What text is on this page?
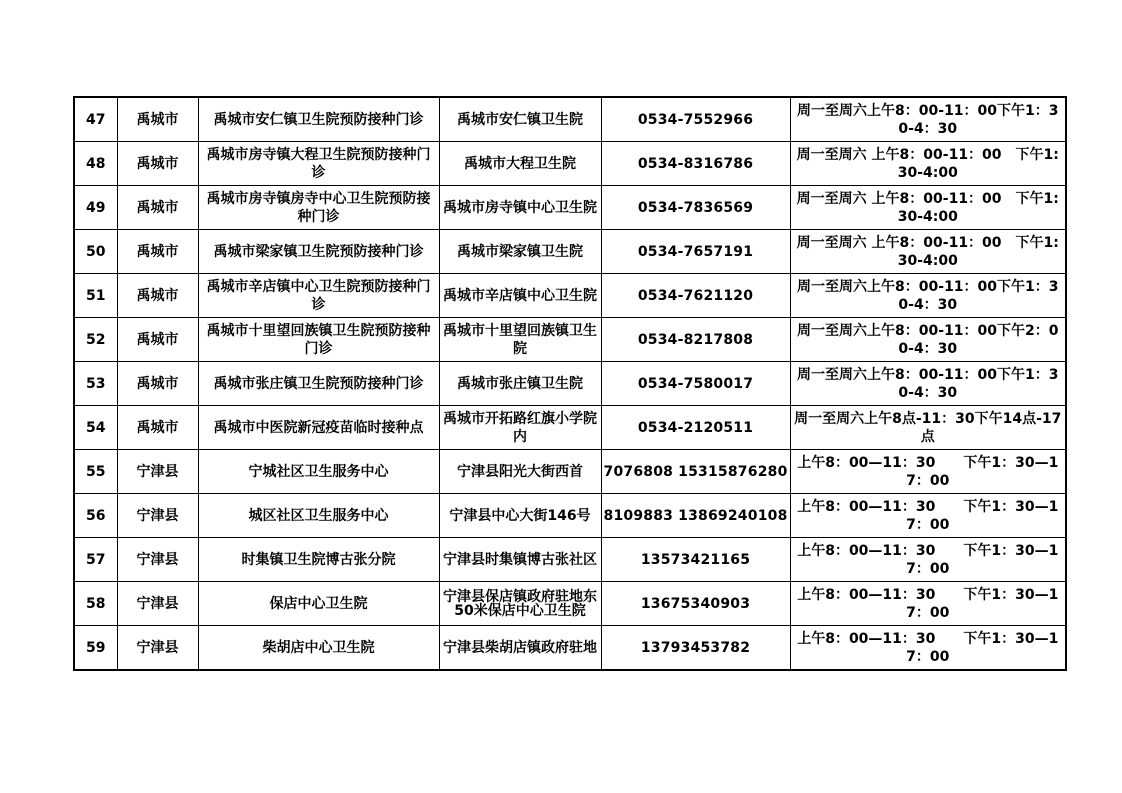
47	禹城市	禹城市安仁镇卫生院预防接种门诊	禹城市安仁镇卫生院	0534-7552966	周一至周六上午8：00-11：00下午1：30-4：30
48	禹城市	禹城市房寺镇大程卫生院预防接种门诊	禹城市大程卫生院	0534-8316786	周一至周六 上午8：00-11：00　下午1:30-4:00
49	禹城市	禹城市房寺镇房寺中心卫生院预防接种门诊	禹城市房寺镇中心卫生院	0534-7836569	周一至周六 上午8：00-11：00　下午1:30-4:00
50	禹城市	禹城市梁家镇卫生院预防接种门诊	禹城市梁家镇卫生院	0534-7657191	周一至周六 上午8：00-11：00　下午1:30-4:00
51	禹城市	禹城市辛店镇中心卫生院预防接种门诊	禹城市辛店镇中心卫生院	0534-7621120	周一至周六上午8：00-11：00下午1：30-4：30
52	禹城市	禹城市十里望回族镇卫生院预防接种门诊	禹城市十里望回族镇卫生院	0534-8217808	周一至周六上午8：00-11：00下午2：00-4：30
53	禹城市	禹城市张庄镇卫生院预防接种门诊	禹城市张庄镇卫生院	0534-7580017	周一至周六上午8：00-11：00下午1：30-4：30
54	禹城市	禹城市中医院新冠疫苗临时接种点	禹城市开拓路红旗小学院内	0534-2120511	周一至周六上午8点-11：30下午14点-17点
55	宁津县	宁城社区卫生服务中心	宁津县阳光大街西首	7076808 15315876280	上午8：00—11：30　　下午1：30—17：00
56	宁津县	城区社区卫生服务中心	宁津县中心大街146号	8109883 13869240108	上午8：00—11：30　　下午1：30—17：00
57	宁津县	时集镇卫生院博古张分院	宁津县时集镇博古张社区	13573421165	上午8：00—11：30　　下午1：30—17：00
58	宁津县	保店中心卫生院	宁津县保店镇政府驻地东50米保店中心卫生院	13675340903	上午8：00—11：30　　下午1：30—17：00
59	宁津县	柴胡店中心卫生院	宁津县柴胡店镇政府驻地	13793453782	上午8：00—11：30　　下午1：30—17：00
